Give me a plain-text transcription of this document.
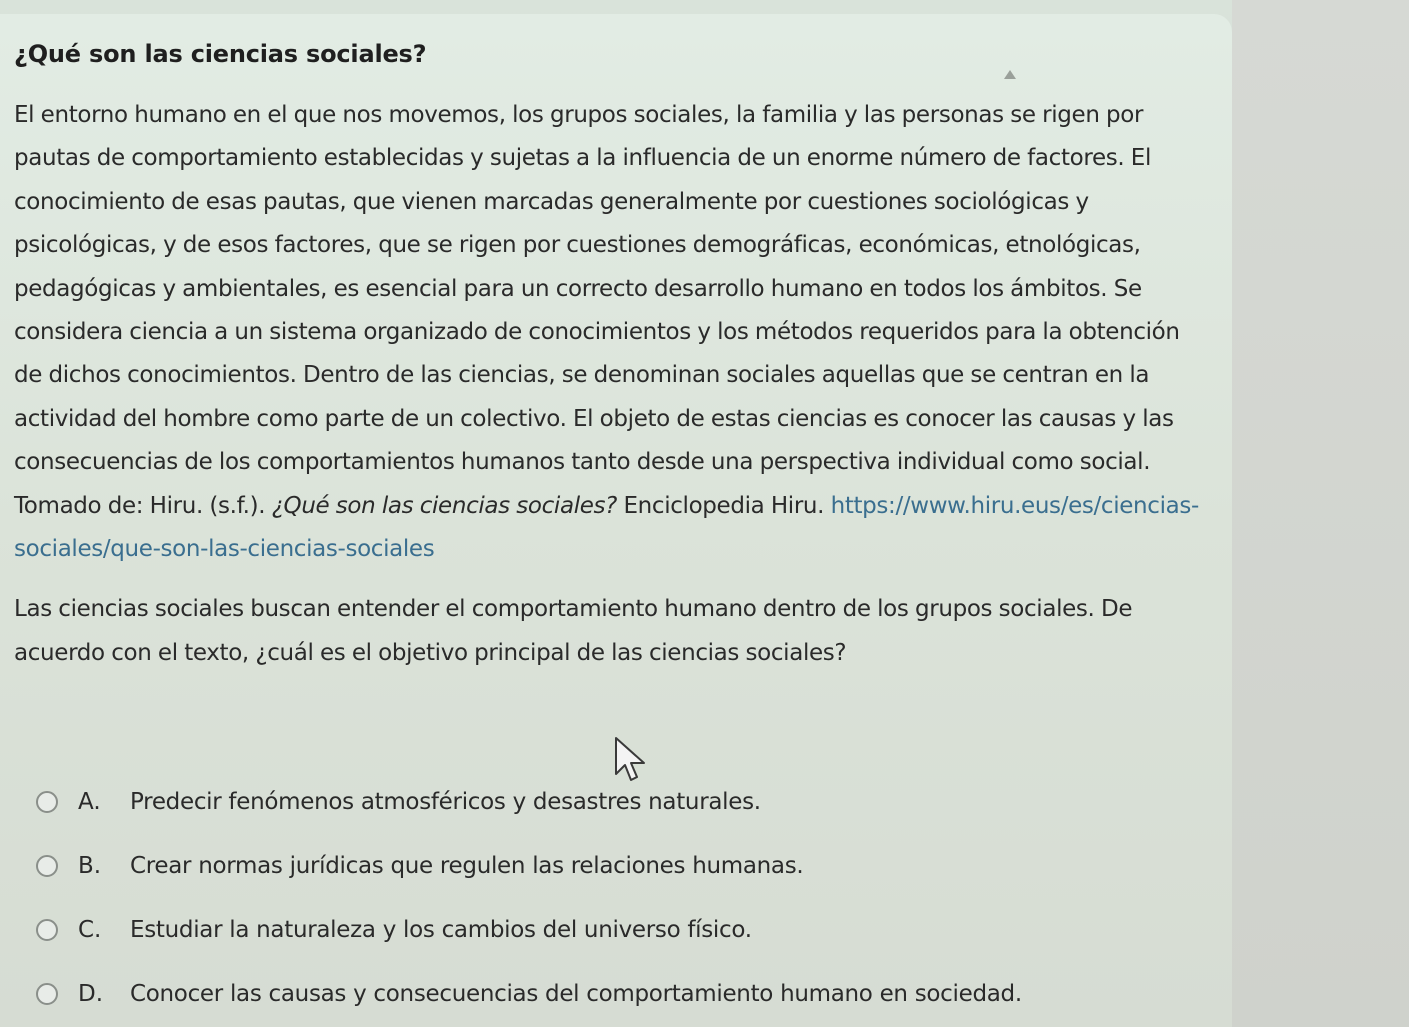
¿Qué son las ciencias sociales?

El entorno humano en el que nos movemos, los grupos sociales, la familia y las personas se rigen por pautas de comportamiento establecidas y sujetas a la influencia de un enorme número de factores. El conocimiento de esas pautas, que vienen marcadas generalmente por cuestiones sociológicas y psicológicas, y de esos factores, que se rigen por cuestiones demográficas, económicas, etnológicas, pedagógicas y ambientales, es esencial para un correcto desarrollo humano en todos los ámbitos. Se considera ciencia a un sistema organizado de conocimientos y los métodos requeridos para la obtención de dichos conocimientos. Dentro de las ciencias, se denominan sociales aquellas que se centran en la actividad del hombre como parte de un colectivo. El objeto de estas ciencias es conocer las causas y las consecuencias de los comportamientos humanos tanto desde una perspectiva individual como social. Tomado de: Hiru. (s.f.). ¿Qué son las ciencias sociales? Enciclopedia Hiru. https://www.hiru.eus/es/ciencias-sociales/que-son-las-ciencias-sociales

Las ciencias sociales buscan entender el comportamiento humano dentro de los grupos sociales. De acuerdo con el texto, ¿cuál es el objetivo principal de las ciencias sociales?

A.	Predecir fenómenos atmosféricos y desastres naturales.
B.	Crear normas jurídicas que regulen las relaciones humanas.
C.	Estudiar la naturaleza y los cambios del universo físico.
D.	Conocer las causas y consecuencias del comportamiento humano en sociedad.
